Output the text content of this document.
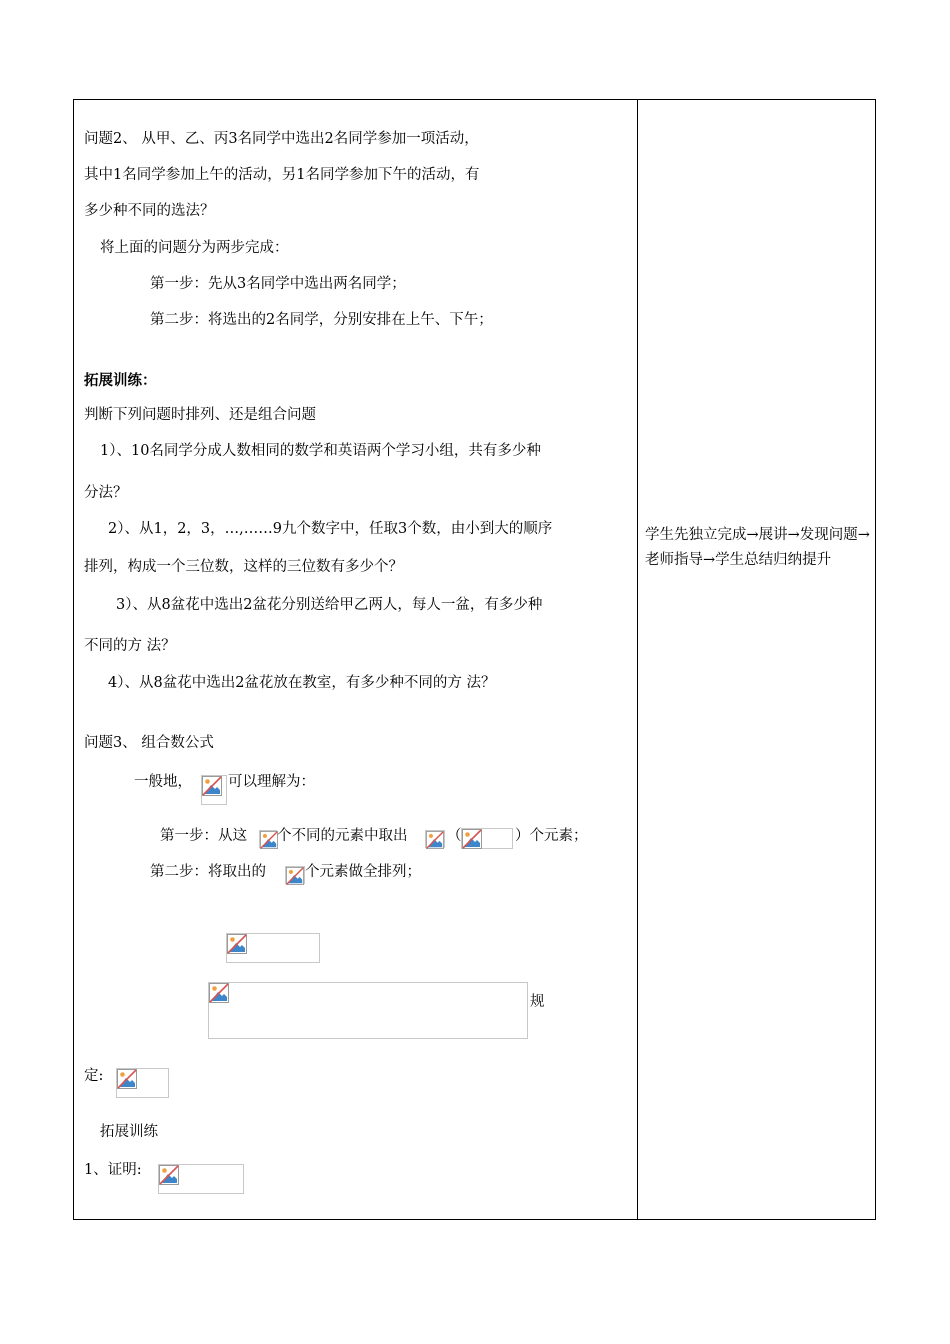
问题2、 从甲、乙、丙3名同学中选出2名同学参加一项活动，
其中1名同学参加上午的活动，另1名同学参加下午的活动，有
多少种不同的选法？
将上面的问题分为两步完成：
第一步：先从3名同学中选出两名同学；
第二步：将选出的2名同学，分别安排在上午、下午；
拓展训练：
判断下列问题时排列、还是组合问题
1）、10名同学分成人数相同的数学和英语两个学习小组，共有多少种
分法？
2）、从1，2，3，…,……9九个数字中，任取3个数，由小到大的顺序
排列，构成一个三位数，这样的三位数有多少个？
3）、从8盆花中选出2盆花分别送给甲乙两人，每人一盆，有多少种
不同的方 法？
4）、从8盆花中选出2盆花放在教室，有多少种不同的方 法？
问题3、 组合数公式
一般地， 可以理解为：
第一步：从这 个不同的元素中取出	（	）个元素；
第二步：将取出的	个元素做全排列；
规
定:
拓展训练
1、证明:
学生先独立完成→展讲→发现问题→老师指导→学生总结归纳提升
